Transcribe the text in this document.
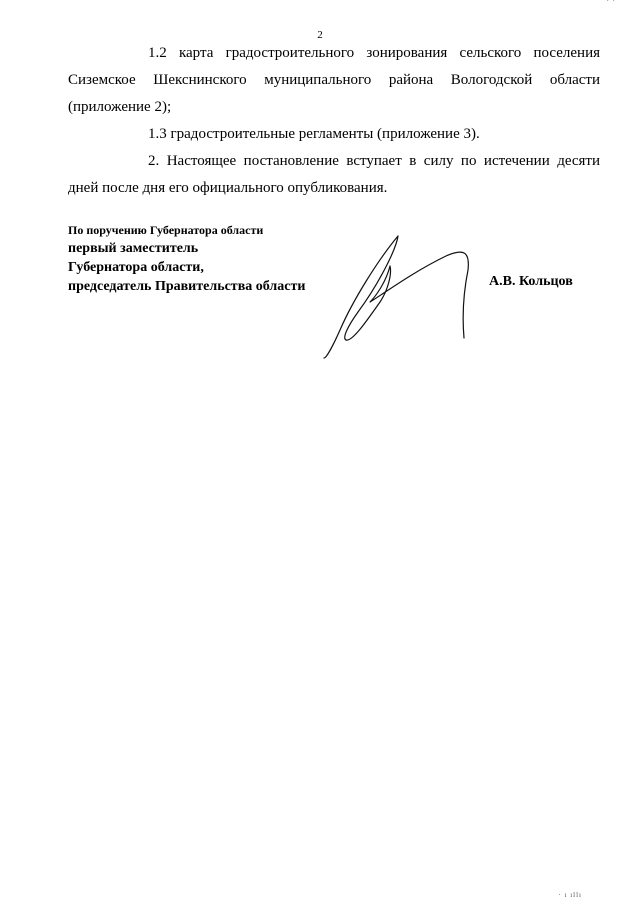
· ·
2

1.2 карта градостроительного зонирования сельского поселения Сиземское Шекснинского муниципального района Вологодской области (приложение 2);

1.3 градостроительные регламенты (приложение 3).

2. Настоящее постановление вступает в силу по истечении десяти дней после дня его официального опубликования.

По поручению Губернатора области
первый заместитель
Губернатора области,
председатель Правительства области	А.В. Кольцов
· ı ıllı
